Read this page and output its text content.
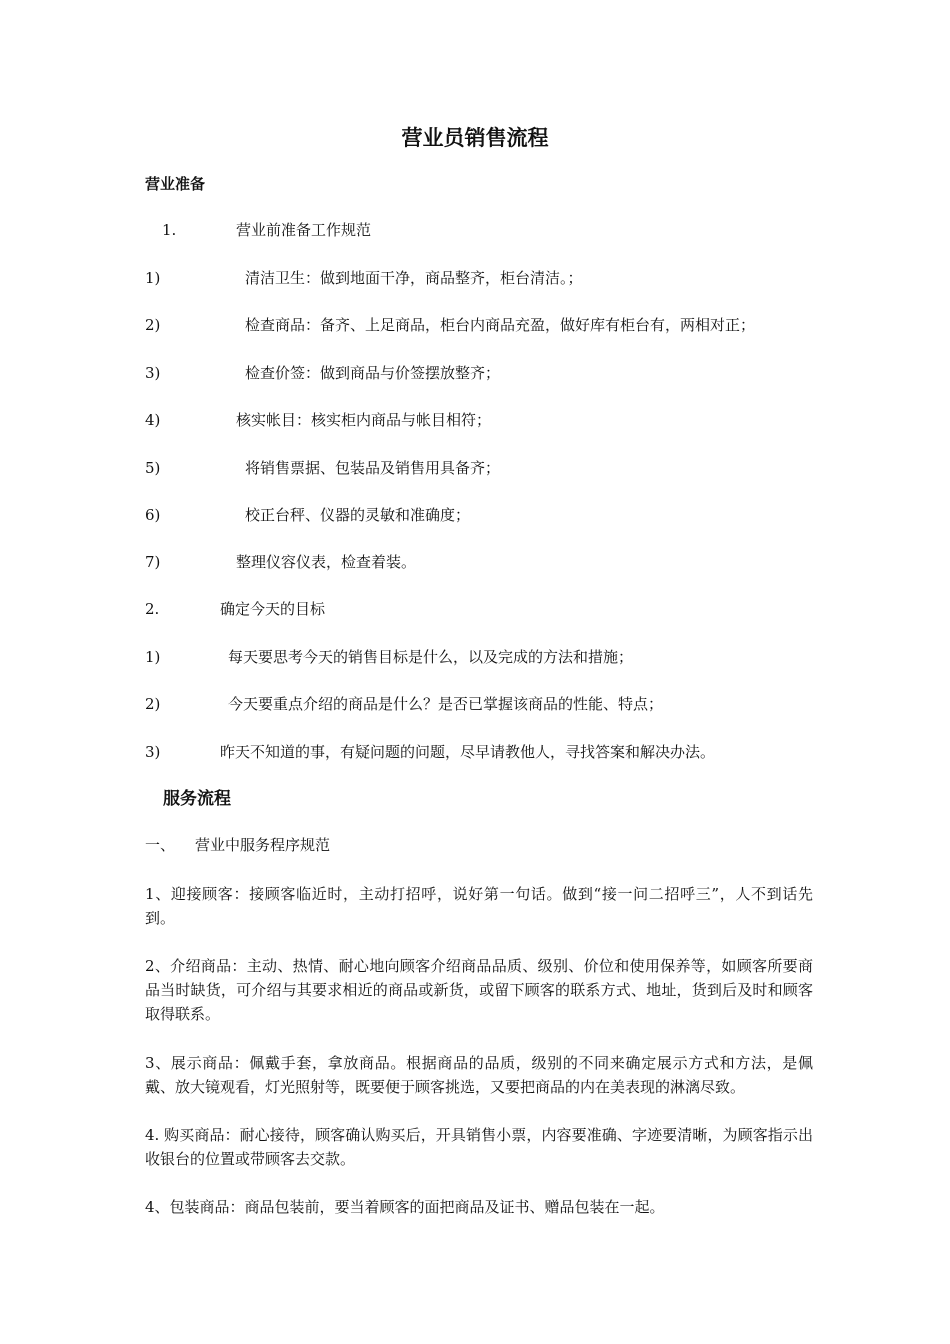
营业员销售流程
营业准备
1.	营业前准备工作规范
1)	清洁卫生：做到地面干净，商品整齐，柜台清洁。；
2)	检查商品：备齐、上足商品，柜台内商品充盈，做好库有柜台有，两相对正；
3)	检查价签：做到商品与价签摆放整齐；
4)	核实帐目：核实柜内商品与帐目相符；
5)	将销售票据、包装品及销售用具备齐；
6)	校正台秤、仪器的灵敏和准确度；
7)	整理仪容仪表，检查着装。
2.	确定今天的目标
1)	每天要思考今天的销售目标是什么，以及完成的方法和措施；
2)	今天要重点介绍的商品是什么？是否已掌握该商品的性能、特点；
3)	昨天不知道的事，有疑问题的问题，尽早请教他人，寻找答案和解决办法。
服务流程
一、 营业中服务程序规范
1、迎接顾客：接顾客临近时，主动打招呼，说好第一句话。做到“接一问二招呼三”，人不到话先到。
2、介绍商品：主动、热情、耐心地向顾客介绍商品品质、级别、价位和使用保养等，如顾客所要商品当时缺货，可介绍与其要求相近的商品或新货，或留下顾客的联系方式、地址，货到后及时和顾客取得联系。
3、展示商品：佩戴手套，拿放商品。根据商品的品质，级别的不同来确定展示方式和方法，是佩戴、放大镜观看，灯光照射等，既要便于顾客挑选，又要把商品的内在美表现的淋漓尽致。
4. 购买商品：耐心接待，顾客确认购买后，开具销售小票，内容要准确、字迹要清晰，为顾客指示出收银台的位置或带顾客去交款。
4、包装商品：商品包装前，要当着顾客的面把商品及证书、赠品包装在一起。
